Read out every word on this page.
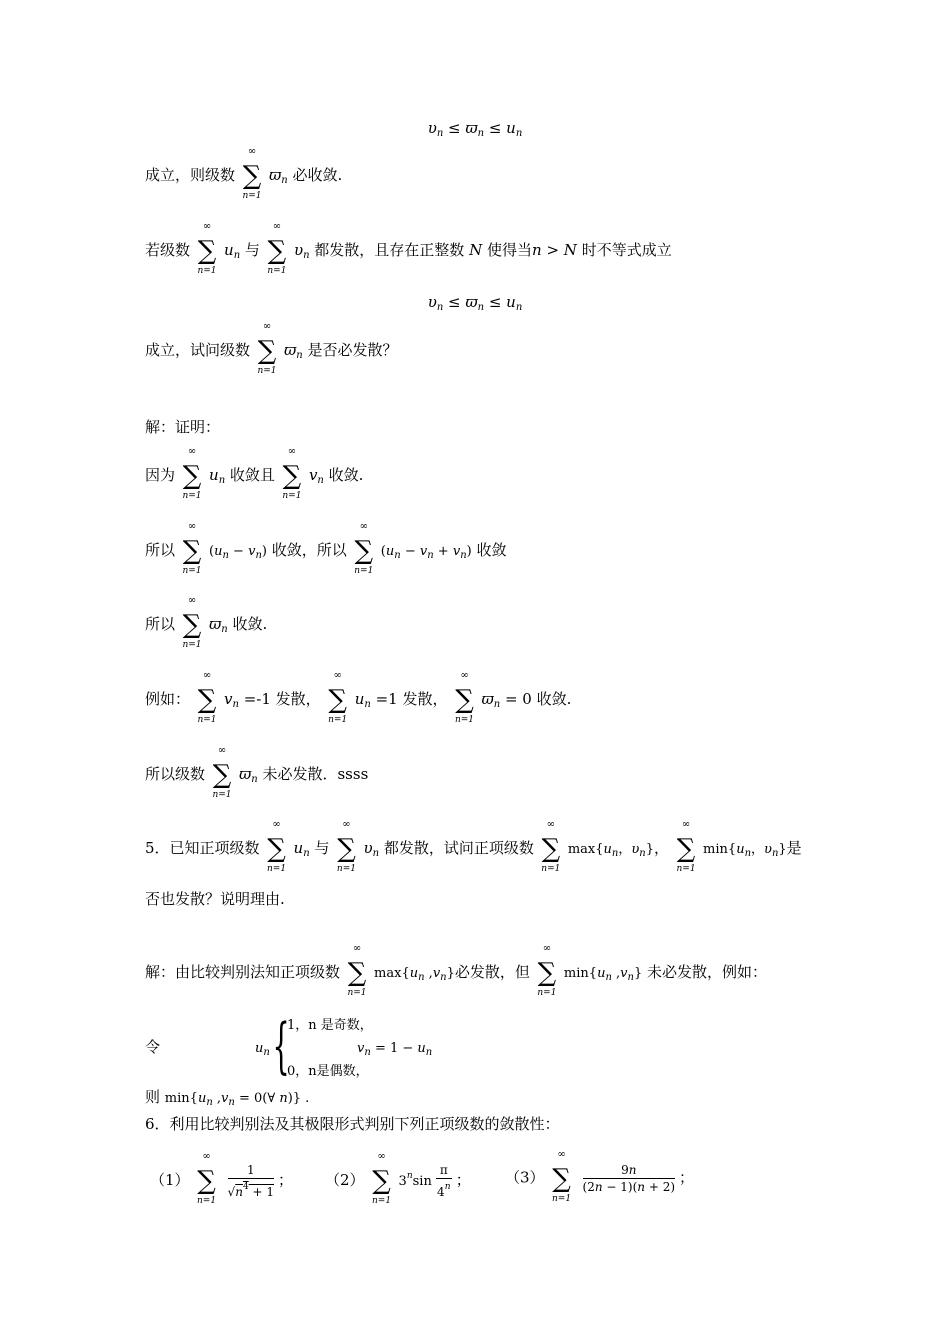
$\upsilon_n \le ϖ_n \le u_n$
成立，则级数
∞
∑
n=1
$ϖ_n$ 必收敛.
若级数
∞
∑
n=1
$u_n$ 与
∞
∑
n=1
$\upsilon_n$ 都发散，且存在正整数 N 使得当n > N 时不等式成立
$\upsilon_n \le ϖ_n \le u_n$
成立，试问级数
∞
∑
n=1
$ϖ_n$ 是否必发散？
解：证明：
因为
∞
∑
n=1
$u_n$ 收敛且
∞
∑
n=1
$v_n$ 收敛.
所以
∞
∑
n=1
$(u_n - v_n)$ 收敛，所以
∞
∑
n=1
$(u_n - v_n + v_n)$ 收敛
所以
∞
∑
n=1
$ϖ_n$ 收敛.
例如：
∞
∑
n=1
$v_n =-1$ 发散，
∞
∑
n=1
$u_n =1$ 发散，
∞
∑
n=1
$ϖ_n = 0$ 收敛.
所以级数
∞
∑
n=1
$ϖ_n$ 未必发散．ssss
5．已知正项级数
∞
∑
n=1
$u_n$ 与
∞
∑
n=1
$\upsilon_n$ 都发散，试问正项级数
∞
∑
n=1
$\max\{u_n$，$\upsilon_n$}，
∞
∑
n=1
$\min\{u_n$，$\upsilon_n$}是
否也发散？说明理由.
解：由比较判别法知正项级数
∞
∑
n=1
$\max\{u_n$ $,v_n$}必发散，但
∞
∑
n=1
$\min\{u_n$ $,v_n$} 未必发散，例如：
令	$u_n$ {
1，n 是奇数，
0，n是偶数，
$v_n = 1 - u_n$
则 $\min\{u_n$ $,v_n$ = 0(∀ n)} .
6．利用比较判别法及其极限形式判别下列正项级数的敛散性：
（1）
∞
∑
n=1
$\frac{1}{√n^4 + 1}$ ； （2）
∞
∑
n=1
$3^n\sin \frac{\pi}{4^n}$ ； （3）
∞
∑
n=1
$\frac{9n}{(2n - 1)(n + 2)}$ ；
